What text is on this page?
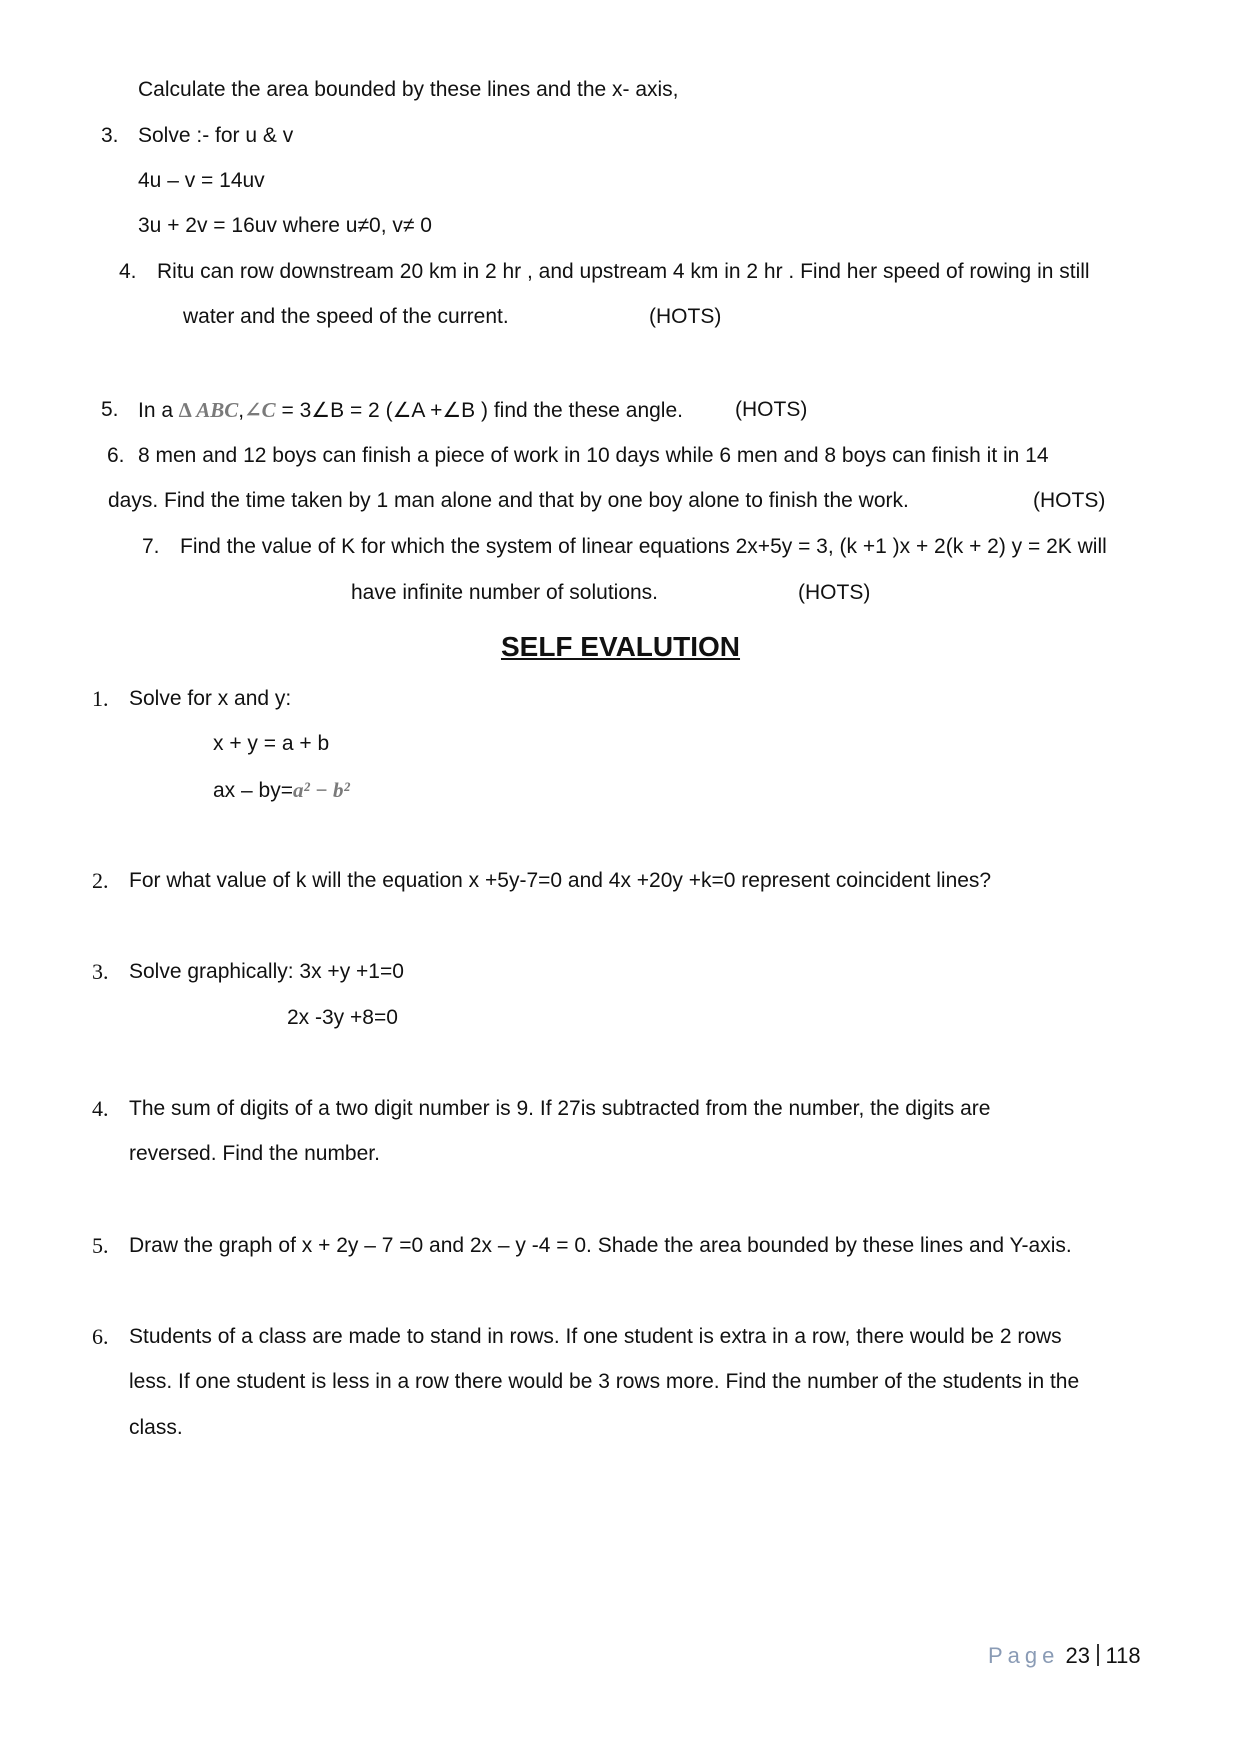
Calculate the area bounded by these lines and the x- axis,
3. Solve :- for u & v
4u – v = 14uv
3u + 2v = 16uv where u≠0, v≠ 0
4. Ritu can row downstream 20 km in 2 hr , and upstream 4 km in 2 hr . Find her speed of rowing in still
water and the speed of the current.	(HOTS)
5. In a ∆ ABC,∠C = 3∠B = 2 (∠A +∠B ) find the these angle. (HOTS)
6. 8 men and 12 boys can finish a piece of work in 10 days while 6 men and 8 boys can finish it in 14
days. Find the time taken by 1 man alone and that by one boy alone to finish the work.	(HOTS)
7. Find the value of K for which the system of linear equations 2x+5y = 3, (k +1 )x + 2(k + 2) y = 2K will
have infinite number of solutions.	(HOTS)
SELF EVALUTION
1. Solve for x and y:
x + y = a + b
ax – by=a² − b²
2. For what value of k will the equation x +5y-7=0 and 4x +20y +k=0 represent coincident lines?
3. Solve graphically: 3x +y +1=0
2x -3y +8=0
4. The sum of digits of a two digit number is 9. If 27is subtracted from the number, the digits are
reversed. Find the number.
5. Draw the graph of x + 2y – 7 =0 and 2x – y -4 = 0. Shade the area bounded by these lines and Y-axis.
6. Students of a class are made to stand in rows. If one student is extra in a row, there would be 2 rows
less. If one student is less in a row there would be 3 rows more. Find the number of the students in the
class.
Page 23 118
